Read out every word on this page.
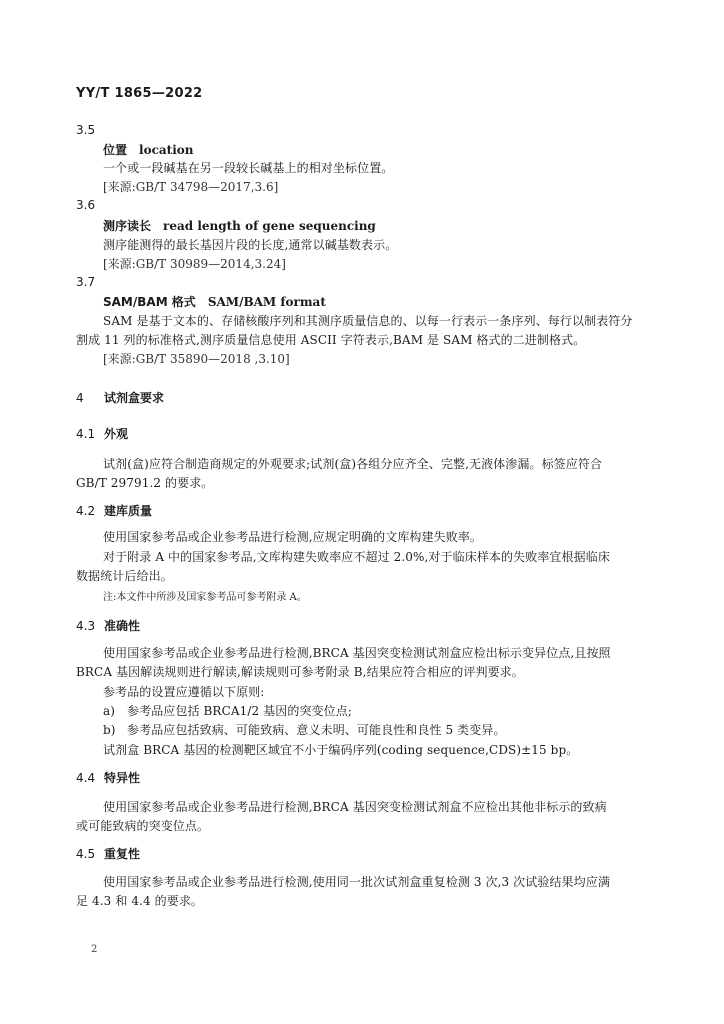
YY/T 1865—2022
3.5
位置 location
一个或一段碱基在另一段较长碱基上的相对坐标位置。
[来源:GB/T 34798—2017,3.6]
3.6
测序读长 read length of gene sequencing
测序能测得的最长基因片段的长度,通常以碱基数表示。
[来源:GB/T 30989—2014,3.24]
3.7
SAM/BAM 格式 SAM/BAM format
SAM 是基于文本的、存储核酸序列和其测序质量信息的、以每一行表示一条序列、每行以制表符分
割成 11 列的标准格式,测序质量信息使用 ASCII 字符表示,BAM 是 SAM 格式的二进制格式。
[来源:GB/T 35890—2018 ,3.10]
4 试剂盒要求
4.1 外观
试剂(盒)应符合制造商规定的外观要求;试剂(盒)各组分应齐全、完整,无液体渗漏。标签应符合
GB/T 29791.2 的要求。
4.2 建库质量
使用国家参考品或企业参考品进行检测,应规定明确的文库构建失败率。
对于附录 A 中的国家参考品,文库构建失败率应不超过 2.0%,对于临床样本的失败率宜根据临床
数据统计后给出。
注:本文件中所涉及国家参考品可参考附录 A。
4.3 准确性
使用国家参考品或企业参考品进行检测,BRCA 基因突变检测试剂盒应检出标示变异位点,且按照
BRCA 基因解读规则进行解读,解读规则可参考附录 B,结果应符合相应的评判要求。
参考品的设置应遵循以下原则:
a) 参考品应包括 BRCA1/2 基因的突变位点;
b) 参考品应包括致病、可能致病、意义未明、可能良性和良性 5 类变异。
试剂盒 BRCA 基因的检测靶区域宜不小于编码序列(coding sequence,CDS)±15 bp。
4.4 特异性
使用国家参考品或企业参考品进行检测,BRCA 基因突变检测试剂盒不应检出其他非标示的致病
或可能致病的突变位点。
4.5 重复性
使用国家参考品或企业参考品进行检测,使用同一批次试剂盒重复检测 3 次,3 次试验结果均应满
足 4.3 和 4.4 的要求。
2
